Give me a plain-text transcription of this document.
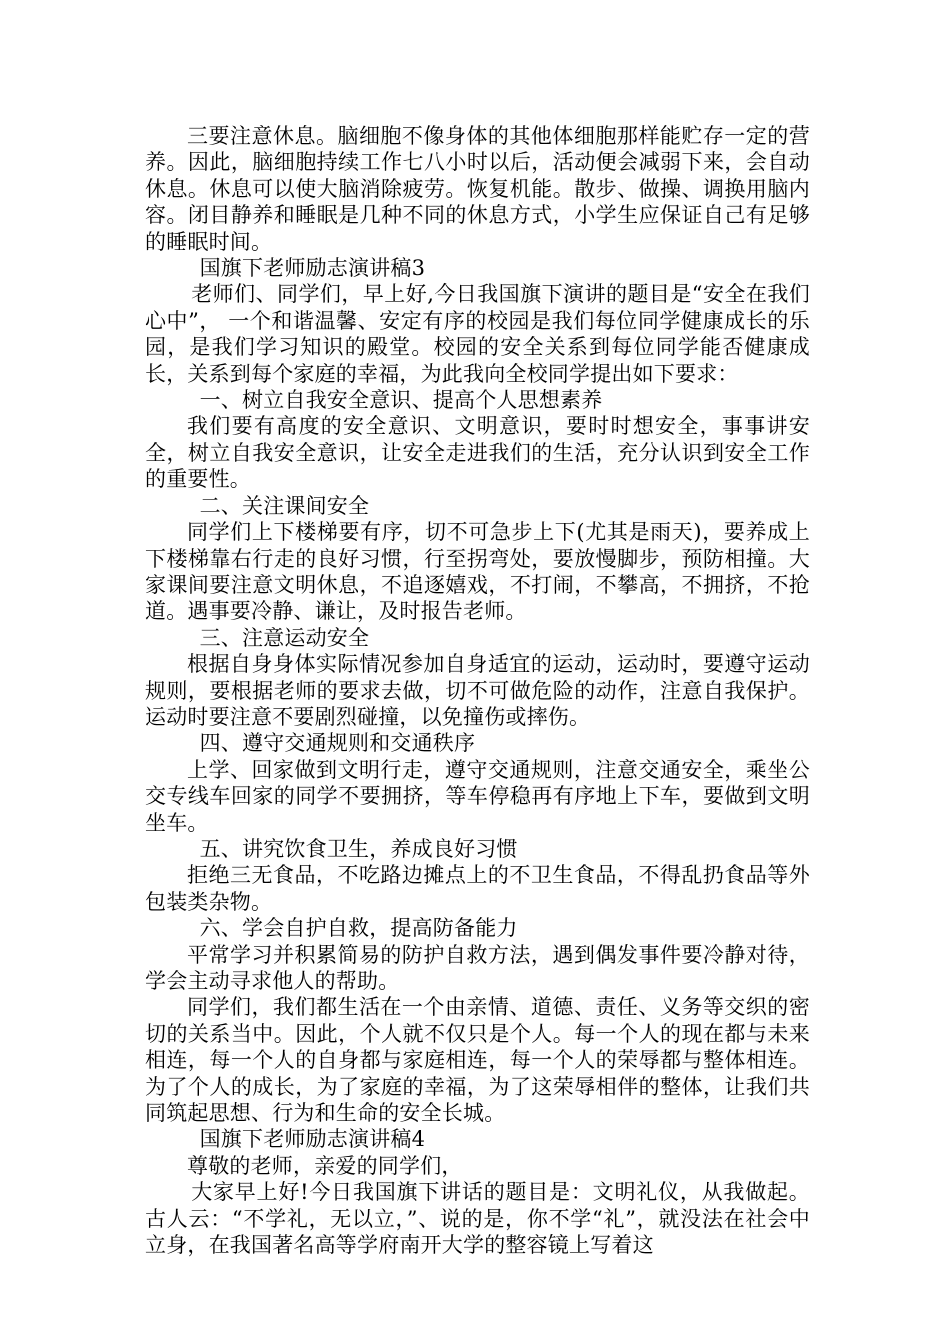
三要注意休息。脑细胞不像身体的其他体细胞那样能贮存一定的营养。因此，脑细胞持续工作七八小时以后，活动便会减弱下来，会自动休息。休息可以使大脑消除疲劳。恢复机能。散步、做操、调换用脑内容。闭目静养和睡眠是几种不同的休息方式，小学生应保证自己有足够的睡眠时间。

国旗下老师励志演讲稿3

老师们、同学们，早上好,今日我国旗下演讲的题目是“安全在我们心中”， 一个和谐温馨、安定有序的校园是我们每位同学健康成长的乐园，是我们学习知识的殿堂。校园的安全关系到每位同学能否健康成长，关系到每个家庭的幸福，为此我向全校同学提出如下要求：

一、树立自我安全意识、提高个人思想素养

我们要有高度的安全意识、文明意识，要时时想安全，事事讲安全，树立自我安全意识，让安全走进我们的生活，充分认识到安全工作的重要性。

二、关注课间安全

同学们上下楼梯要有序，切不可急步上下(尤其是雨天)，要养成上下楼梯靠右行走的良好习惯，行至拐弯处，要放慢脚步，预防相撞。大家课间要注意文明休息，不追逐嬉戏，不打闹，不攀高，不拥挤，不抢道。遇事要冷静、谦让，及时报告老师。

三、注意运动安全

根据自身身体实际情况参加自身适宜的运动，运动时，要遵守运动规则，要根据老师的要求去做，切不可做危险的动作，注意自我保护。运动时要注意不要剧烈碰撞，以免撞伤或摔伤。

四、遵守交通规则和交通秩序

上学、回家做到文明行走，遵守交通规则，注意交通安全，乘坐公交专线车回家的同学不要拥挤，等车停稳再有序地上下车，要做到文明坐车。

五、讲究饮食卫生，养成良好习惯

拒绝三无食品，不吃路边摊点上的不卫生食品，不得乱扔食品等外包装类杂物。

六、学会自护自救，提高防备能力

平常学习并积累简易的防护自救方法，遇到偶发事件要冷静对待，学会主动寻求他人的帮助。

同学们，我们都生活在一个由亲情、道德、责任、义务等交织的密切的关系当中。因此，个人就不仅只是个人。每一个人的现在都与未来相连，每一个人的自身都与家庭相连，每一个人的荣辱都与整体相连。为了个人的成长，为了家庭的幸福，为了这荣辱相伴的整体，让我们共同筑起思想、行为和生命的安全长城。

国旗下老师励志演讲稿4

尊敬的老师，亲爱的同学们，

大家早上好!今日我国旗下讲话的题目是：文明礼仪，从我做起。古人云：“不学礼，无以立，”、说的是，你不学“礼”，就没法在社会中立身，在我国著名高等学府南开大学的整容镜上写着这
